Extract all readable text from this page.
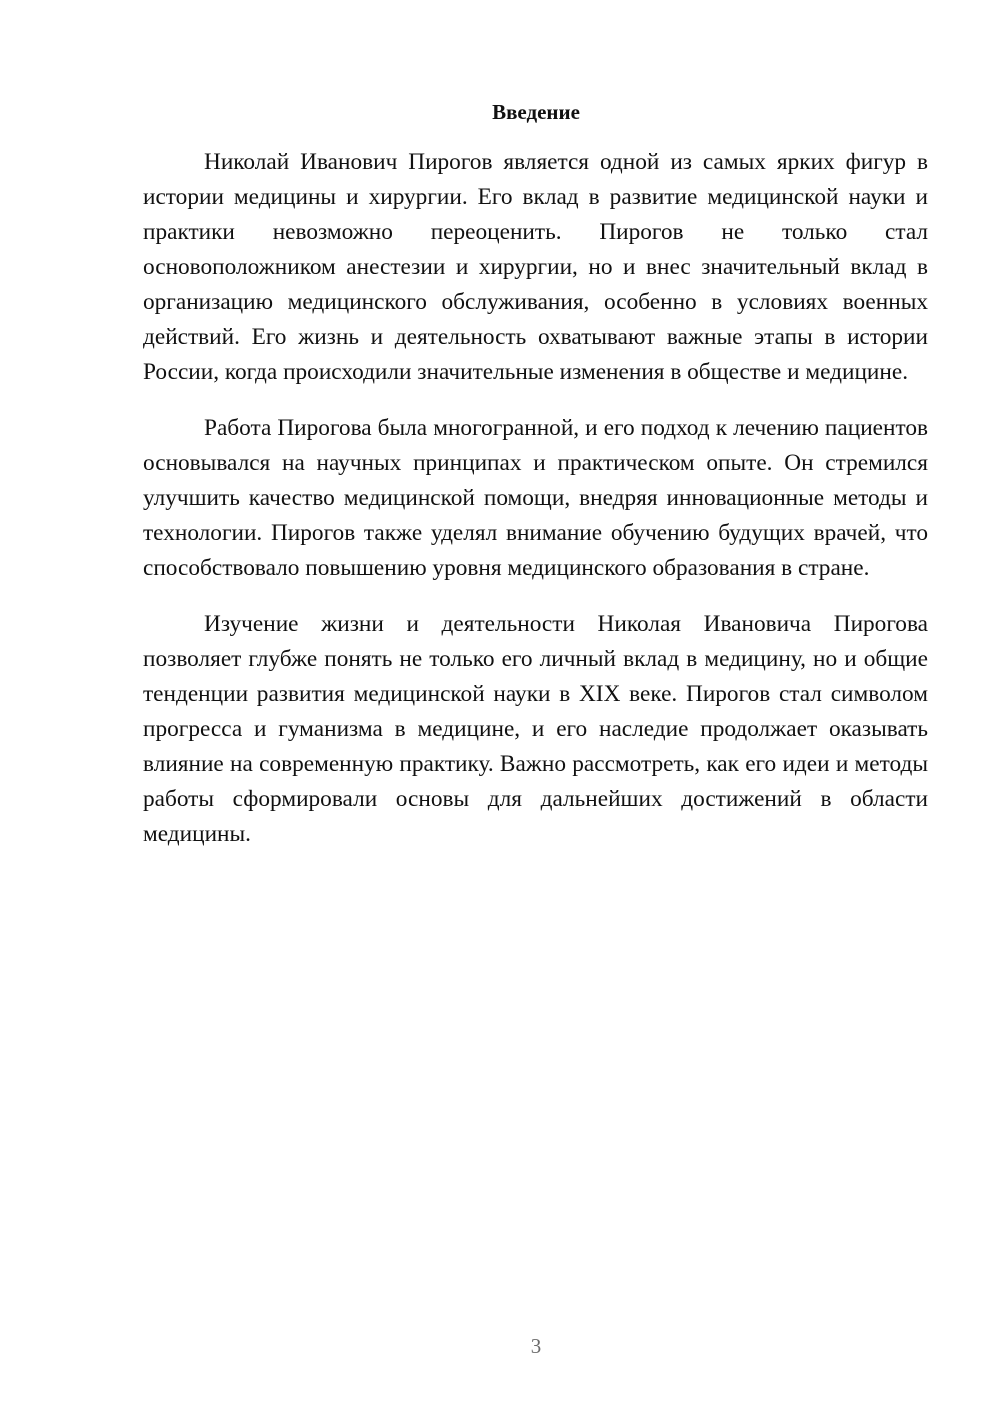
Введение

Николай Иванович Пирогов является одной из самых ярких фигур в истории медицины и хирургии. Его вклад в развитие медицинской науки и практики невозможно переоценить. Пирогов не только стал основоположником анестезии и хирургии, но и внес значительный вклад в организацию медицинского обслуживания, особенно в условиях военных действий. Его жизнь и деятельность охватывают важные этапы в истории России, когда происходили значительные изменения в обществе и медицине.

Работа Пирогова была многогранной, и его подход к лечению пациентов основывался на научных принципах и практическом опыте. Он стремился улучшить качество медицинской помощи, внедряя инновационные методы и технологии. Пирогов также уделял внимание обучению будущих врачей, что способствовало повышению уровня медицинского образования в стране.

Изучение жизни и деятельности Николая Ивановича Пирогова позволяет глубже понять не только его личный вклад в медицину, но и общие тенденции развития медицинской науки в XIX веке. Пирогов стал символом прогресса и гуманизма в медицине, и его наследие продолжает оказывать влияние на современную практику. Важно рассмотреть, как его идеи и методы работы сформировали основы для дальнейших достижений в области медицины.

3
